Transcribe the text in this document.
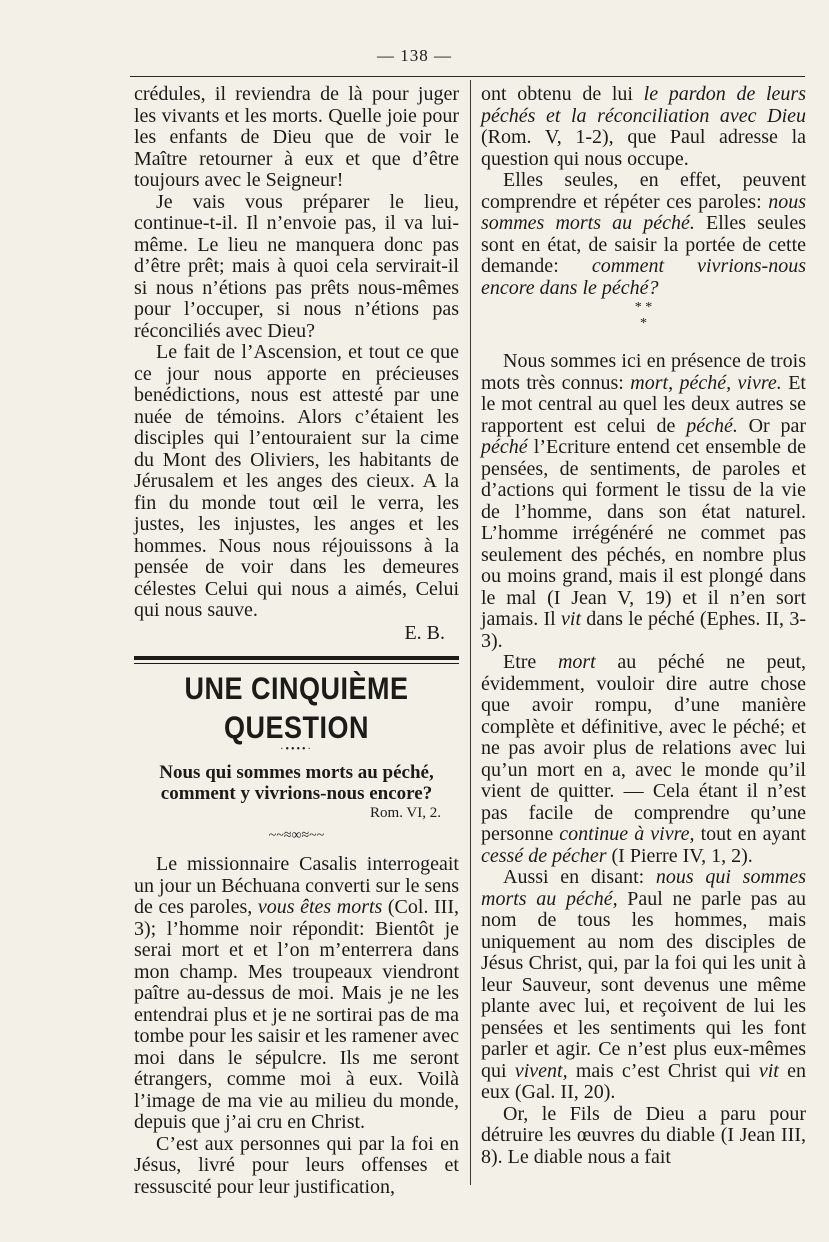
— 138 —

crédules, il reviendra de là pour juger les vivants et les morts. Quelle joie pour les enfants de Dieu que de voir le Maître retourner à eux et que d’être toujours avec le Seigneur!

Je vais vous préparer le lieu, continue-t-il. Il n’envoie pas, il va lui-même. Le lieu ne manquera donc pas d’être prêt; mais à quoi cela servirait-il si nous n’étions pas prêts nous-mêmes pour l’occuper, si nous n’étions pas réconciliés avec Dieu?

Le fait de l’Ascension, et tout ce que ce jour nous apporte en précieuses benédictions, nous est attesté par une nuée de témoins. Alors c’étaient les disciples qui l’entouraient sur la cime du Mont des Oliviers, les habitants de Jérusalem et les anges des cieux. A la fin du monde tout œil le verra, les justes, les injustes, les anges et les hommes. Nous nous réjouissons à la pensée de voir dans les demeures célestes Celui qui nous a aimés, Celui qui nous sauve.

E. B.

UNE CINQUIÈME QUESTION
·••••·
Nous qui sommes morts au péché, comment y vivrions-nous encore?
Rom. VI, 2.
~~≈∞≈~~

Le missionnaire Casalis interrogeait un jour un Béchuana converti sur le sens de ces paroles, vous êtes morts (Col. III, 3); l’homme noir répondit: Bientôt je serai mort et et l’on m’enterrera dans mon champ. Mes troupeaux viendront paître au-dessus de moi. Mais je ne les entendrai plus et je ne sortirai pas de ma tombe pour les saisir et les ramener avec moi dans le sépulcre. Ils me seront étrangers, comme moi à eux. Voilà l’image de ma vie au milieu du monde, depuis que j’ai cru en Christ.

C’est aux personnes qui par la foi en Jésus, livré pour leurs offenses et ressuscité pour leur justification,

ont obtenu de lui le pardon de leurs péchés et la réconciliation avec Dieu (Rom. V, 1-2), que Paul adresse la question qui nous occupe.

Elles seules, en effet, peuvent comprendre et répéter ces paroles: nous sommes morts au péché. Elles seules sont en état, de saisir la portée de cette demande: comment vivrions-nous encore dans le péché?

* *
*

Nous sommes ici en présence de trois mots très connus: mort, péché, vivre. Et le mot central au quel les deux autres se rapportent est celui de péché. Or par péché l’Ecriture entend cet ensemble de pensées, de sentiments, de paroles et d’actions qui forment le tissu de la vie de l’homme, dans son état naturel. L’homme irrégénéré ne commet pas seulement des péchés, en nombre plus ou moins grand, mais il est plongé dans le mal (I Jean V, 19) et il n’en sort jamais. Il vit dans le péché (Ephes. II, 3-3).

Etre mort au péché ne peut, évidemment, vouloir dire autre chose que avoir rompu, d’une manière complète et définitive, avec le péché; et ne pas avoir plus de relations avec lui qu’un mort en a, avec le monde qu’il vient de quitter. — Cela étant il n’est pas facile de comprendre qu’une personne continue à vivre, tout en ayant cessé de pécher (I Pierre IV, 1, 2).

Aussi en disant: nous qui sommes morts au péché, Paul ne parle pas au nom de tous les hommes, mais uniquement au nom des disciples de Jésus Christ, qui, par la foi qui les unit à leur Sauveur, sont devenus une même plante avec lui, et reçoivent de lui les pensées et les sentiments qui les font parler et agir. Ce n’est plus eux-mêmes qui vivent, mais c’est Christ qui vit en eux (Gal. II, 20).

Or, le Fils de Dieu a paru pour détruire les œuvres du diable (I Jean III, 8). Le diable nous a fait
